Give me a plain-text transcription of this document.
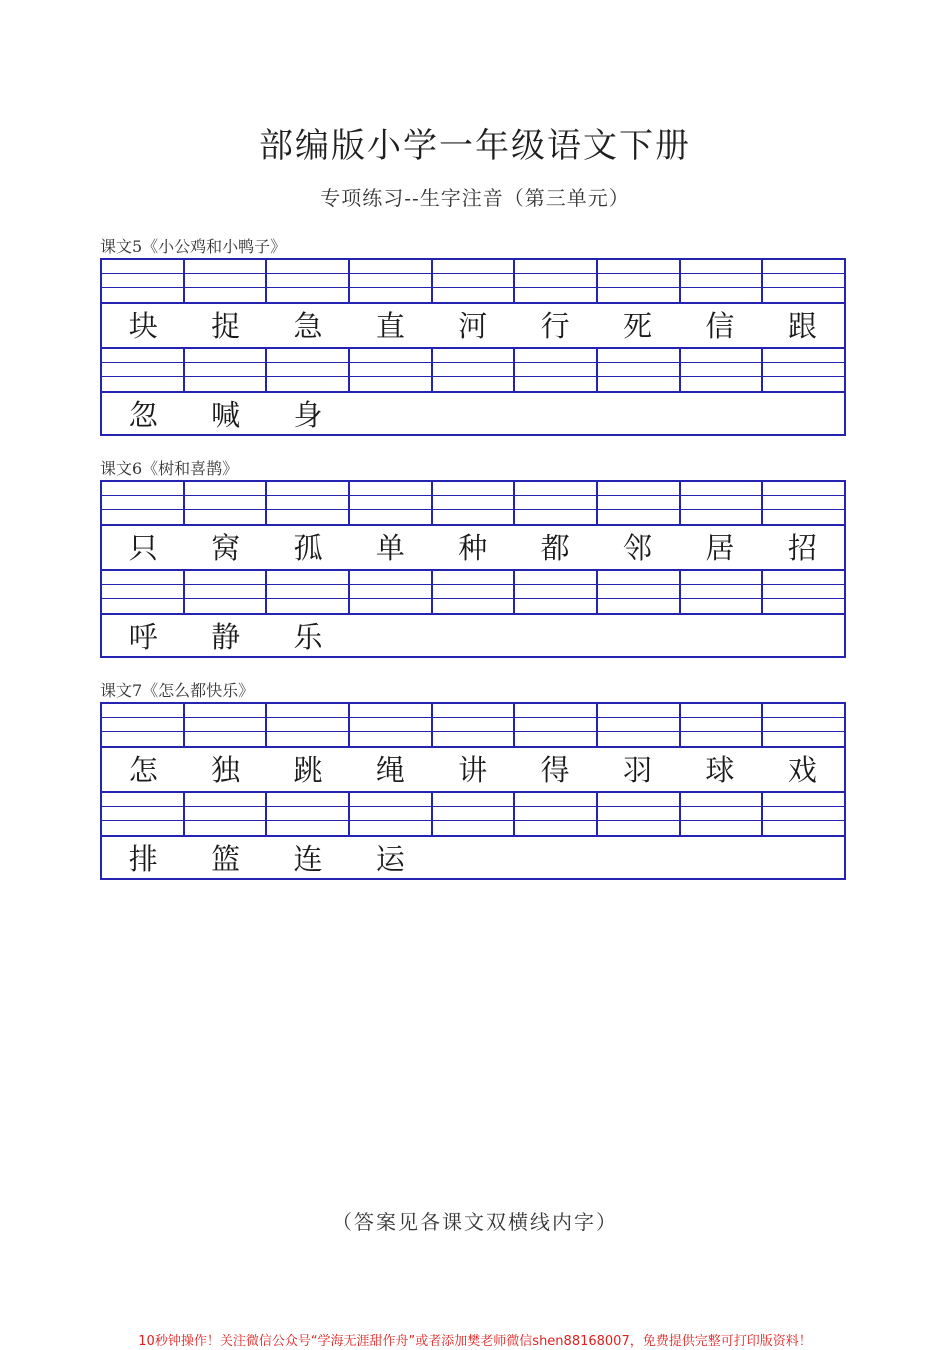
部编版小学一年级语文下册
专项练习--生字注音（第三单元）
课文5《小公鸡和小鸭子》
块	捉	急	直	河	行	死	信	跟
忽	喊	身
课文6《树和喜鹊》
只	窝	孤	单	种	都	邻	居	招
呼	静	乐
课文7《怎么都快乐》
怎	独	跳	绳	讲	得	羽	球	戏
排	篮	连	运
（答案见各课文双横线内字）
10秒钟操作！关注微信公众号“学海无涯甜作舟”或者添加樊老师微信shen88168007，免费提供完整可打印版资料！
